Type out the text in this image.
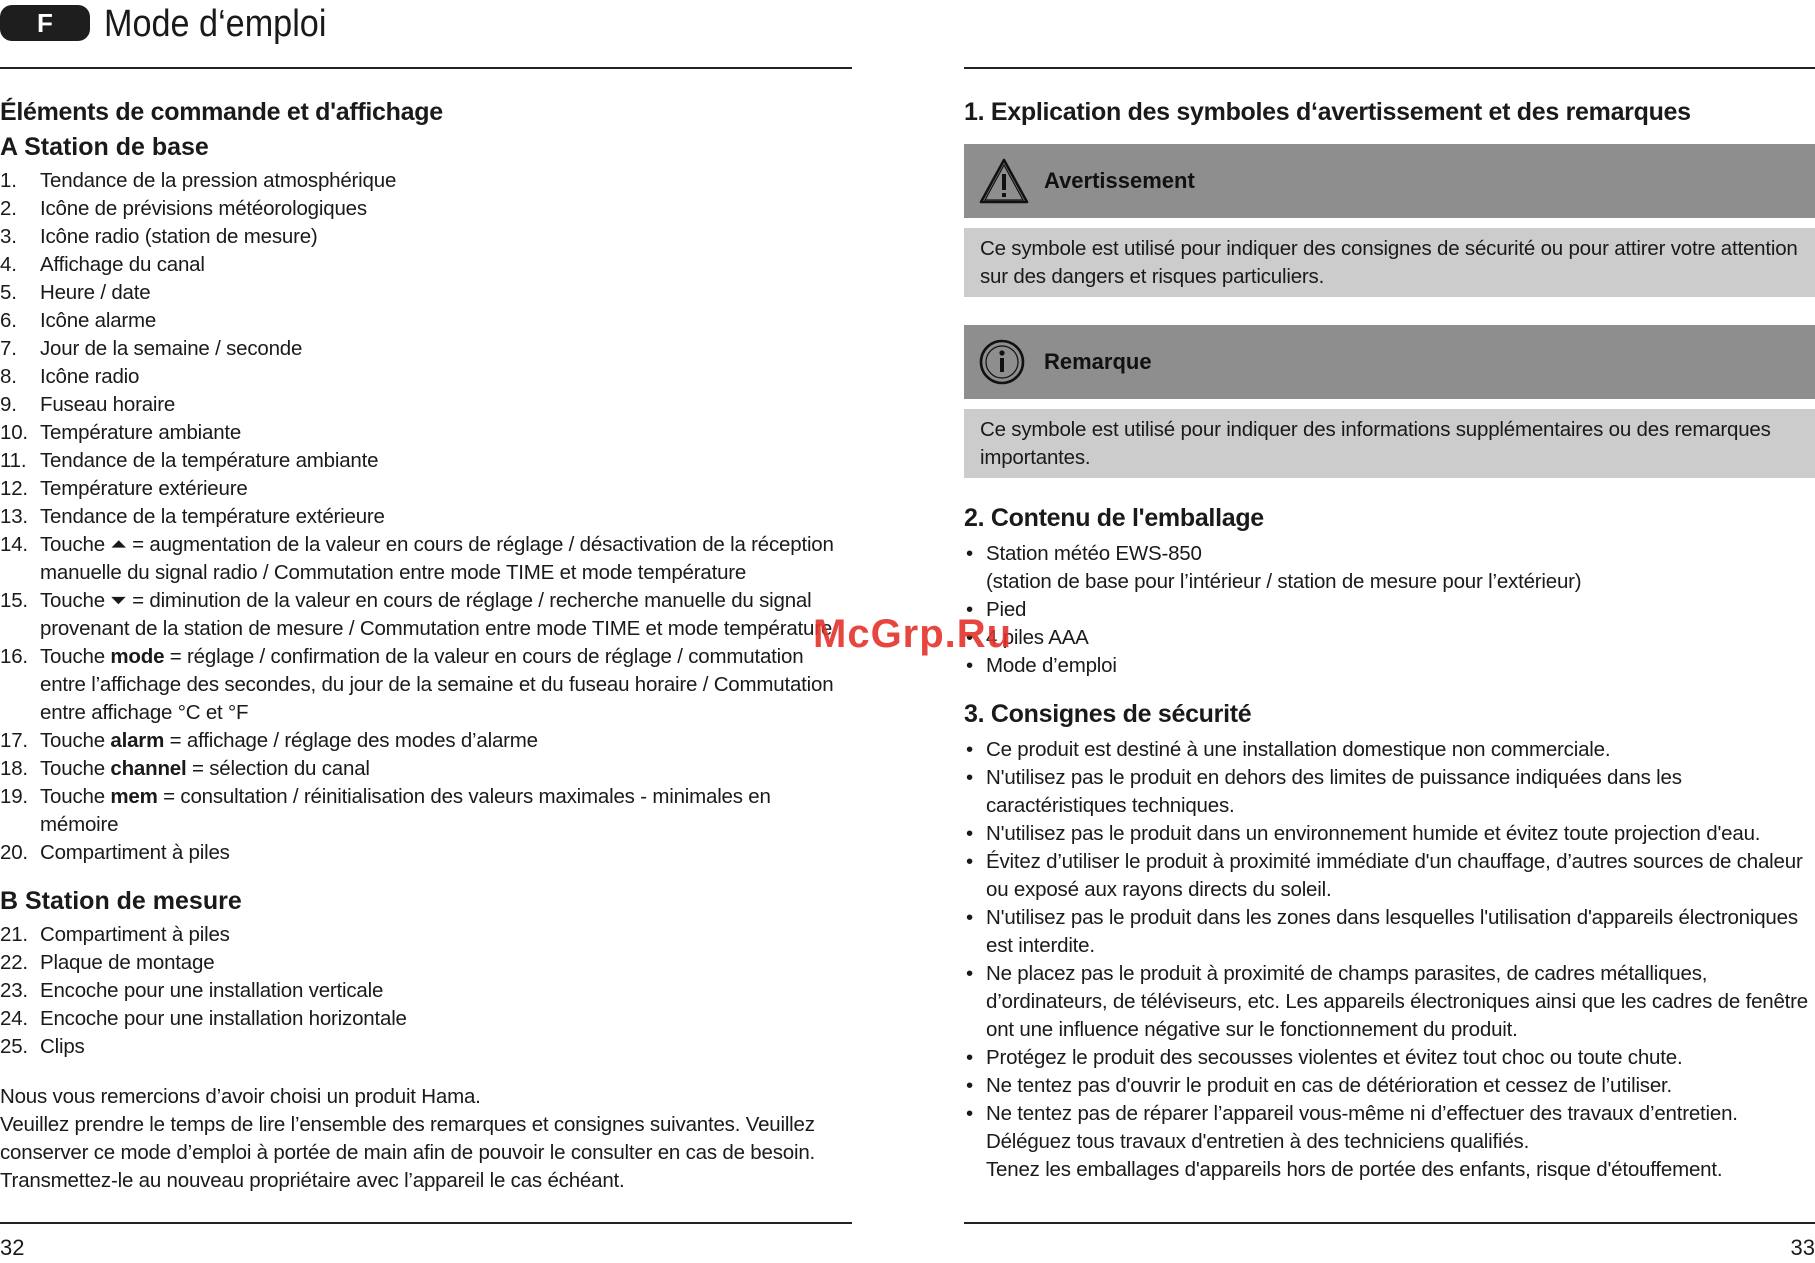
F	Mode d‘emploi
Éléments de commande et d'affichage
A Station de base
1. Tendance de la pression atmosphérique
2. Icône de prévisions météorologiques
3. Icône radio (station de mesure)
4. Affichage du canal
5. Heure / date
6. Icône alarme
7. Jour de la semaine / seconde
8. Icône radio
9. Fuseau horaire
10. Température ambiante
11. Tendance de la température ambiante
12. Température extérieure
13. Tendance de la température extérieure
14. Touche ⏶ = augmentation de la valeur en cours de réglage / désactivation de la réception manuelle du signal radio / Commutation entre mode TIME et mode température
15. Touche ⏷ = diminution de la valeur en cours de réglage / recherche manuelle du signal provenant de la station de mesure / Commutation entre mode TIME et mode température
16. Touche mode = réglage / confirmation de la valeur en cours de réglage / commutation entre l’affichage des secondes, du jour de la semaine et du fuseau horaire / Commutation entre affichage °C et °F
17. Touche alarm = affichage / réglage des modes d’alarme
18. Touche channel = sélection du canal
19. Touche mem = consultation / réinitialisation des valeurs maximales - minimales en mémoire
20. Compartiment à piles
B Station de mesure
21. Compartiment à piles
22. Plaque de montage
23. Encoche pour une installation verticale
24. Encoche pour une installation horizontale
25. Clips

Nous vous remercions d’avoir choisi un produit Hama.

Veuillez prendre le temps de lire l’ensemble des remarques et consignes suivantes. Veuillez conserver ce mode d’emploi à portée de main afin de pouvoir le consulter en cas de besoin. Transmettez-le au nouveau propriétaire avec l’appareil le cas échéant.

32
1. Explication des symboles d‘avertissement et des remarques
Avertissement
Ce symbole est utilisé pour indiquer des consignes de sécurité ou pour attirer votre attention sur des dangers et risques particuliers.
Remarque
Ce symbole est utilisé pour indiquer des informations supplémentaires ou des remarques importantes.
2. Contenu de l'emballage
• Station météo EWS-850
(station de base pour l’intérieur / station de mesure pour l’extérieur)
• Pied
• 4 piles AAA
• Mode d’emploi
3. Consignes de sécurité
• Ce produit est destiné à une installation domestique non commerciale.
• N'utilisez pas le produit en dehors des limites de puissance indiquées dans les caractéristiques techniques.
• N'utilisez pas le produit dans un environnement humide et évitez toute projection d'eau.
• Évitez d’utiliser le produit à proximité immédiate d'un chauffage, d’autres sources de chaleur ou exposé aux rayons directs du soleil.
• N'utilisez pas le produit dans les zones dans lesquelles l'utilisation d'appareils électroniques est interdite.
• Ne placez pas le produit à proximité de champs parasites, de cadres métalliques, d’ordinateurs, de téléviseurs, etc. Les appareils électroniques ainsi que les cadres de fenêtre ont une influence négative sur le fonctionnement du produit.
• Protégez le produit des secousses violentes et évitez tout choc ou toute chute.
• Ne tentez pas d'ouvrir le produit en cas de détérioration et cessez de l’utiliser.
• Ne tentez pas de réparer l’appareil vous-même ni d’effectuer des travaux d’entretien. Déléguez tous travaux d'entretien à des techniciens qualifiés.
Tenez les emballages d'appareils hors de portée des enfants, risque d'étouffement.
33
McGrp.Ru
